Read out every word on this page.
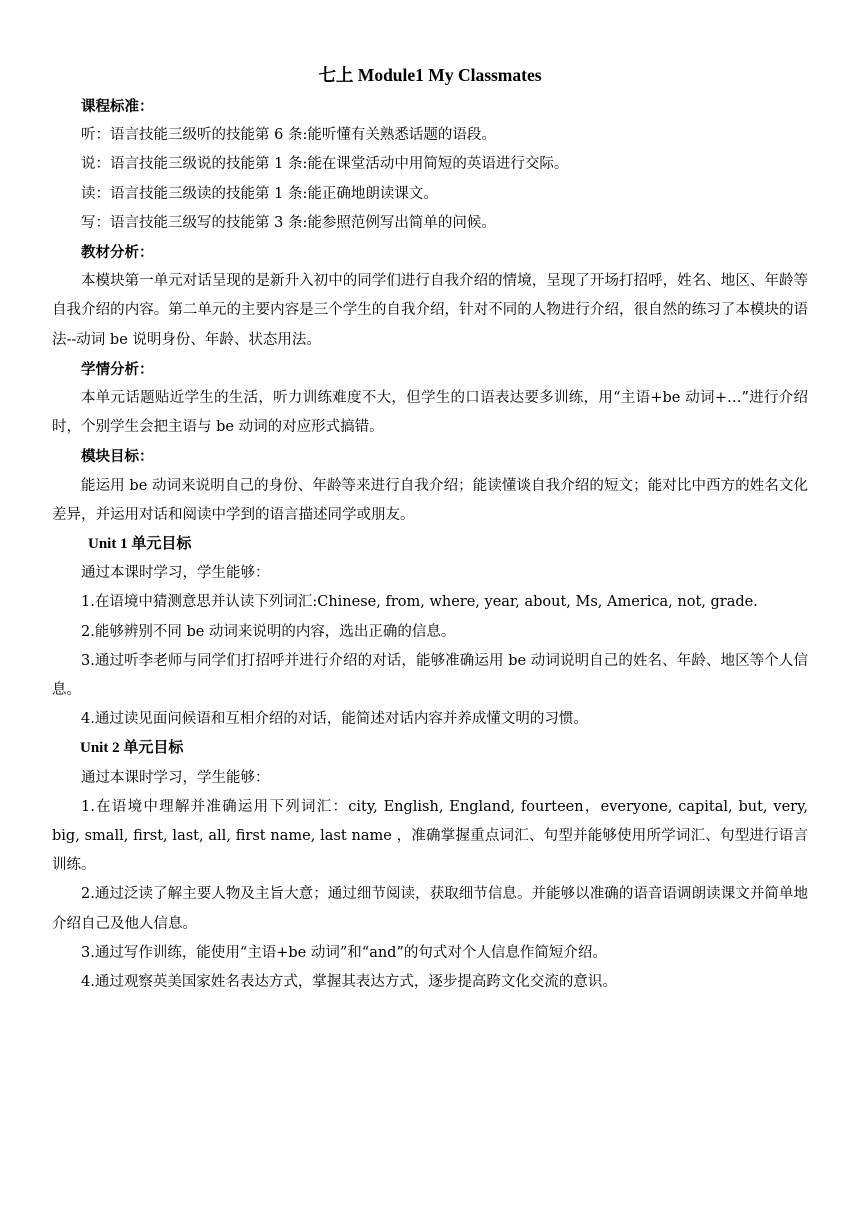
七上 Module1 My Classmates
课程标准：
听：语言技能三级听的技能第 6 条:能听懂有关熟悉话题的语段。
说：语言技能三级说的技能第 1 条:能在课堂活动中用简短的英语进行交际。
读：语言技能三级读的技能第 1 条:能正确地朗读课文。
写：语言技能三级写的技能第 3 条:能参照范例写出简单的问候。
教材分析：

本模块第一单元对话呈现的是新升入初中的同学们进行自我介绍的情境，呈现了开场打招呼，姓名、地区、年龄等自我介绍的内容。第二单元的主要内容是三个学生的自我介绍，针对不同的人物进行介绍，很自然的练习了本模块的语法--动词 be 说明身份、年龄、状态用法。

学情分析：

本单元话题贴近学生的生活，听力训练难度不大，但学生的口语表达要多训练，用“主语+be 动词+…”进行介绍时，个别学生会把主语与 be 动词的对应形式搞错。

模块目标：

能运用 be 动词来说明自己的身份、年龄等来进行自我介绍；能读懂谈自我介绍的短文；能对比中西方的姓名文化差异，并运用对话和阅读中学到的语言描述同学或朋友。

Unit 1 单元目标
通过本课时学习，学生能够：

1.在语境中猜测意思并认读下列词汇:Chinese, from, where, year, about, Ms, America, not, grade.

2.能够辨别不同 be 动词来说明的内容，选出正确的信息。

3.通过听李老师与同学们打招呼并进行介绍的对话，能够准确运用 be 动词说明自己的姓名、年龄、地区等个人信息。

4.通过读见面问候语和互相介绍的对话，能简述对话内容并养成懂文明的习惯。

Unit 2 单元目标
通过本课时学习，学生能够：

1.在语境中理解并准确运用下列词汇：city, English, England, fourteen，everyone, capital, but, very, big, small, first, last, all, first name, last name ，准确掌握重点词汇、句型并能够使用所学词汇、句型进行语言训练。

2.通过泛读了解主要人物及主旨大意；通过细节阅读，获取细节信息。并能够以准确的语音语调朗读课文并简单地介绍自己及他人信息。

3.通过写作训练，能使用“主语+be 动词”和“and”的句式对个人信息作简短介绍。

4.通过观察英美国家姓名表达方式，掌握其表达方式，逐步提高跨文化交流的意识。
